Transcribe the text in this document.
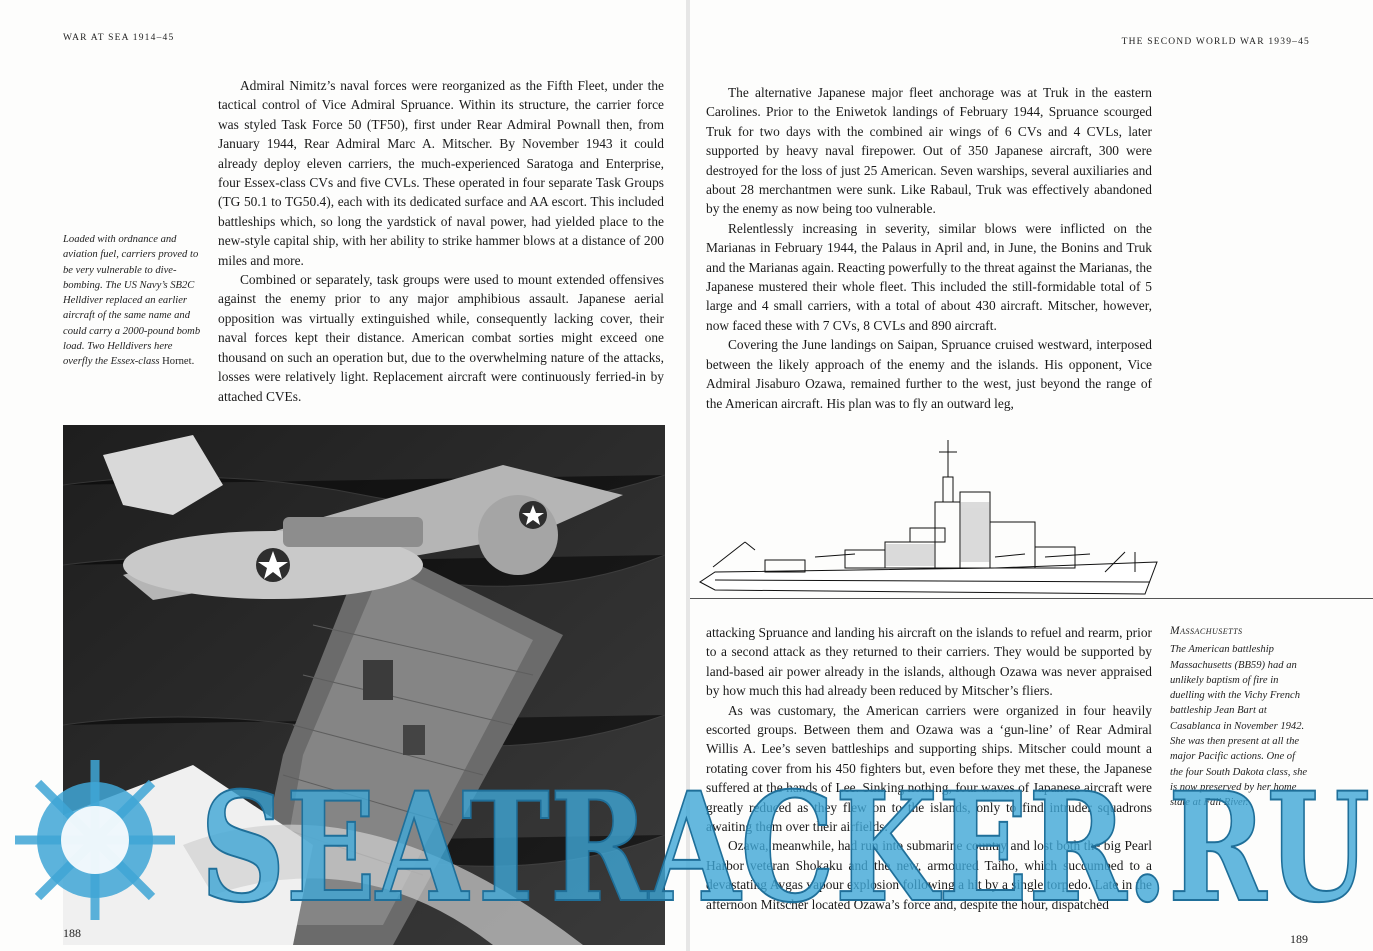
WAR AT SEA 1914–45

Admiral Nimitz’s naval forces were reorganized as the Fifth Fleet, under the tactical control of Vice Admiral Spruance. Within its structure, the carrier force was styled Task Force 50 (TF50), first under Rear Admiral Pownall then, from January 1944, Rear Admiral Marc A. Mitscher. By November 1943 it could already deploy eleven carriers, the much-experienced Saratoga and Enterprise, four Essex-class CVs and five CVLs. These operated in four separate Task Groups (TG 50.1 to TG50.4), each with its dedicated surface and AA escort. This included battleships which, so long the yardstick of naval power, had yielded place to the new-style capital ship, with her ability to strike hammer blows at a distance of 200 miles and more.

Combined or separately, task groups were used to mount extended offensives against the enemy prior to any major amphibious assault. Japanese aerial opposition was virtually extinguished while, consequently lacking cover, their naval forces kept their distance. American combat sorties might exceed one thousand on such an operation but, due to the overwhelming nature of the attacks, losses were relatively light. Replacement aircraft were continuously ferried-in by attached CVEs.

Loaded with ordnance and aviation fuel, carriers proved to be very vulnerable to dive-bombing. The US Navy’s SB2C Helldiver replaced an earlier aircraft of the same name and could carry a 2000-pound bomb load. Two Helldivers here overfly the Essex-class Hornet.
188
THE SECOND WORLD WAR 1939–45

The alternative Japanese major fleet anchorage was at Truk in the eastern Carolines. Prior to the Eniwetok landings of February 1944, Spruance scourged Truk for two days with the combined air wings of 6 CVs and 4 CVLs, later supported by heavy naval firepower. Out of 350 Japanese aircraft, 300 were destroyed for the loss of just 25 American. Seven warships, several auxiliaries and about 28 merchantmen were sunk. Like Rabaul, Truk was effectively abandoned by the enemy as now being too vulnerable.

Relentlessly increasing in severity, similar blows were inflicted on the Marianas in February 1944, the Palaus in April and, in June, the Bonins and Truk and the Marianas again. Reacting powerfully to the threat against the Marianas, the Japanese mustered their whole fleet. This included the still-formidable total of 5 large and 4 small carriers, with a total of about 430 aircraft. Mitscher, however, now faced these with 7 CVs, 8 CVLs and 890 aircraft.

Covering the June landings on Saipan, Spruance cruised westward, interposed between the likely approach of the enemy and the islands. His opponent, Vice Admiral Jisaburo Ozawa, remained further to the west, just beyond the range of the American aircraft. His plan was to fly an outward leg,

attacking Spruance and landing his aircraft on the islands to refuel and rearm, prior to a second attack as they returned to their carriers. They would be supported by land-based air power already in the islands, although Ozawa was never appraised by how much this had already been reduced by Mitscher’s fliers.

As was customary, the American carriers were organized in four heavily escorted groups. Between them and Ozawa was a ‘gun-line’ of Rear Admiral Willis A. Lee’s seven battleships and supporting ships. Mitscher could mount a rotating cover from his 450 fighters but, even before they met these, the Japanese suffered at the hands of Lee. Sinking nothing, four waves of Japanese aircraft were greatly reduced as they flew on to the islands, only to find intruder squadrons awaiting them over their airfields.

Ozawa, meanwhile, had run into submarine country and lost both the big Pearl Harbor veteran Shokaku and the new, armoured Taiho, which succumbed to a devastating Avgas vapour explosion following a hit by a single torpedo. Late in the afternoon Mitscher located Ozawa’s force and, despite the hour, dispatched

Massachusetts
The American battleship Massachusetts (BB59) had an unlikely baptism of fire in duelling with the Vichy French battleship Jean Bart at Casablanca in November 1942. She was then present at all the major Pacific actions. One of the four South Dakota class, she is now preserved by her home state at Fall River.
189
SEATRACKER.RU
